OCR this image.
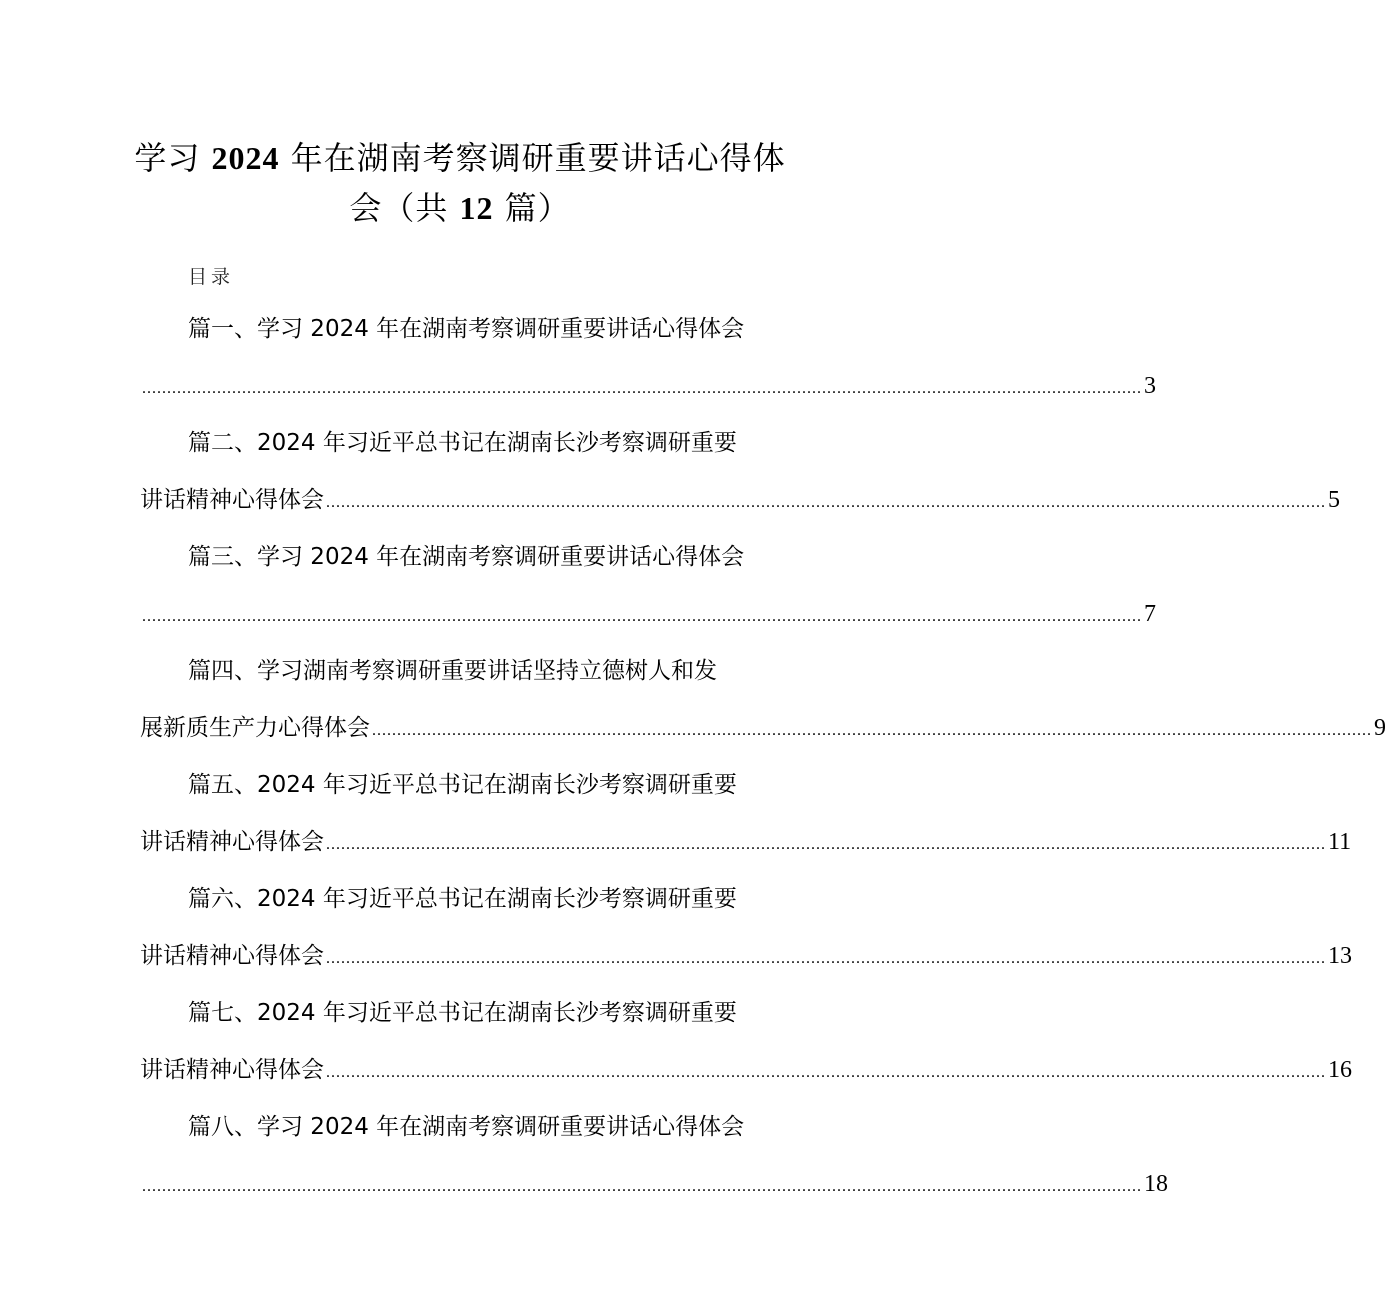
学习 2024 年在湖南考察调研重要讲话心得体
会（共 12 篇）
目录
篇一、学习 2024 年在湖南考察调研重要讲话心得体会
........................................................................................................................................................................................................ 3
篇二、2024 年习近平总书记在湖南长沙考察调研重要
讲话精神心得体会 ........................................................................................................................................................................................................ 5
篇三、学习 2024 年在湖南考察调研重要讲话心得体会
........................................................................................................................................................................................................ 7
篇四、学习湖南考察调研重要讲话坚持立德树人和发
展新质生产力心得体会 ........................................................................................................................................................................................................ 9
篇五、2024 年习近平总书记在湖南长沙考察调研重要
讲话精神心得体会 ........................................................................................................................................................................................................ 11
篇六、2024 年习近平总书记在湖南长沙考察调研重要
讲话精神心得体会 ........................................................................................................................................................................................................ 13
篇七、2024 年习近平总书记在湖南长沙考察调研重要
讲话精神心得体会 ........................................................................................................................................................................................................ 16
篇八、学习 2024 年在湖南考察调研重要讲话心得体会
........................................................................................................................................................................................................ 18
